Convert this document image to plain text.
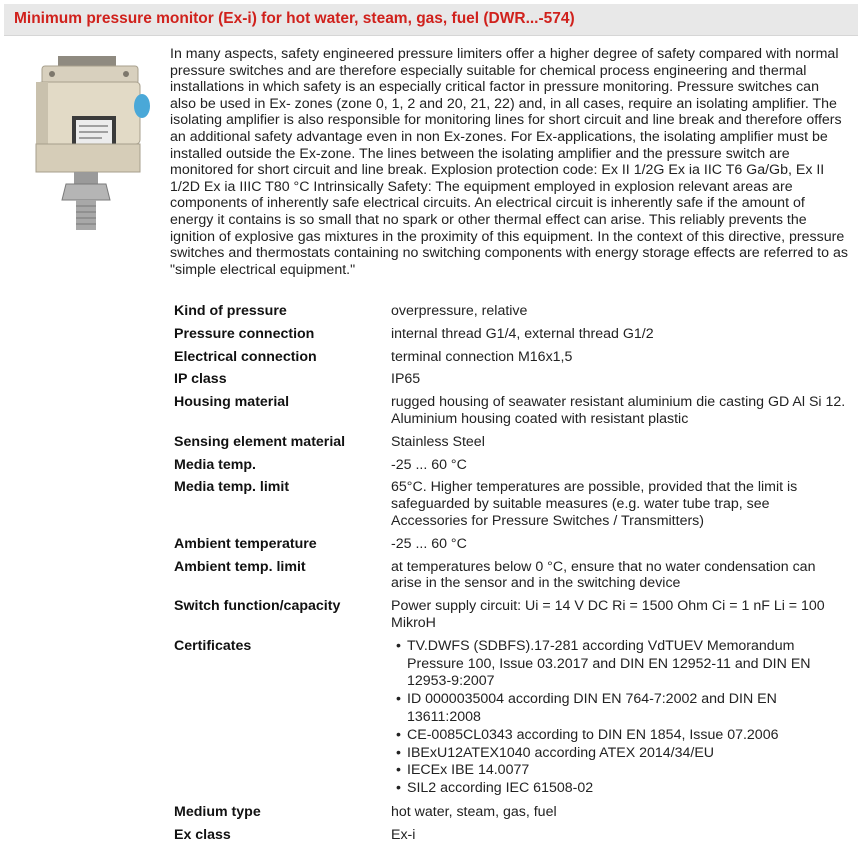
Minimum pressure monitor (Ex-i) for hot water, steam, gas, fuel (DWR...-574)

In many aspects, safety engineered pressure limiters offer a higher degree of safety compared with normal pressure switches and are therefore especially suitable for chemical process engineering and thermal installations in which safety is an especially critical factor in pressure monitoring. Pressure switches can also be used in Ex- zones (zone 0, 1, 2 and 20, 21, 22) and, in all cases, require an isolating amplifier. The isolating amplifier is also responsible for monitoring lines for short circuit and line break and therefore offers an additional safety advantage even in non Ex-zones. For Ex-applications, the isolating amplifier must be installed outside the Ex-zone. The lines between the isolating amplifier and the pressure switch are monitored for short circuit and line break. Explosion protection code: Ex II 1/2G Ex ia IIC T6 Ga/Gb, Ex II 1/2D Ex ia IIIC T80 °C Intrinsically Safety: The equipment employed in explosion relevant areas are components of inherently safe electrical circuits. An electrical circuit is inherently safe if the amount of energy it contains is so small that no spark or other thermal effect can arise. This reliably prevents the ignition of explosive gas mixtures in the proximity of this equipment. In the context of this directive, pressure switches and thermostats containing no switching components with energy storage effects are referred to as "simple electrical equipment."

Kind of pressure	overpressure, relative
Pressure connection	internal thread G1/4, external thread G1/2
Electrical connection	terminal connection M16x1,5
IP class	IP65
Housing material	rugged housing of seawater resistant aluminium die casting GD Al Si 12. Aluminium housing coated with resistant plastic
Sensing element material	Stainless Steel
Media temp.	-25 ... 60 °C
Media temp. limit	65°C. Higher temperatures are possible, provided that the limit is safeguarded by suitable measures (e.g. water tube trap, see Accessories for Pressure Switches / Transmitters)
Ambient temperature	-25 ... 60 °C
Ambient temp. limit	at temperatures below 0 °C, ensure that no water condensation can arise in the sensor and in the switching device
Switch function/capacity	Power supply circuit: Ui = 14 V DC Ri = 1500 Ohm Ci = 1 nF Li = 100 MikroH
Certificates
•	TV.DWFS (SDBFS).17-281 according VdTUEV Memorandum Pressure 100, Issue 03.2017 and DIN EN 12952-11 and DIN EN 12953-9:2007
• ID 0000035004 according DIN EN 764-7:2002 and DIN EN 13611:2008
• CE-0085CL0343 according to DIN EN 1854, Issue 07.2006
• IBExU12ATEX1040 according ATEX 2014/34/EU
• IECEx IBE 14.0077
• SIL2 according IEC 61508-02
Medium type	hot water, steam, gas, fuel
Ex class	Ex-i
